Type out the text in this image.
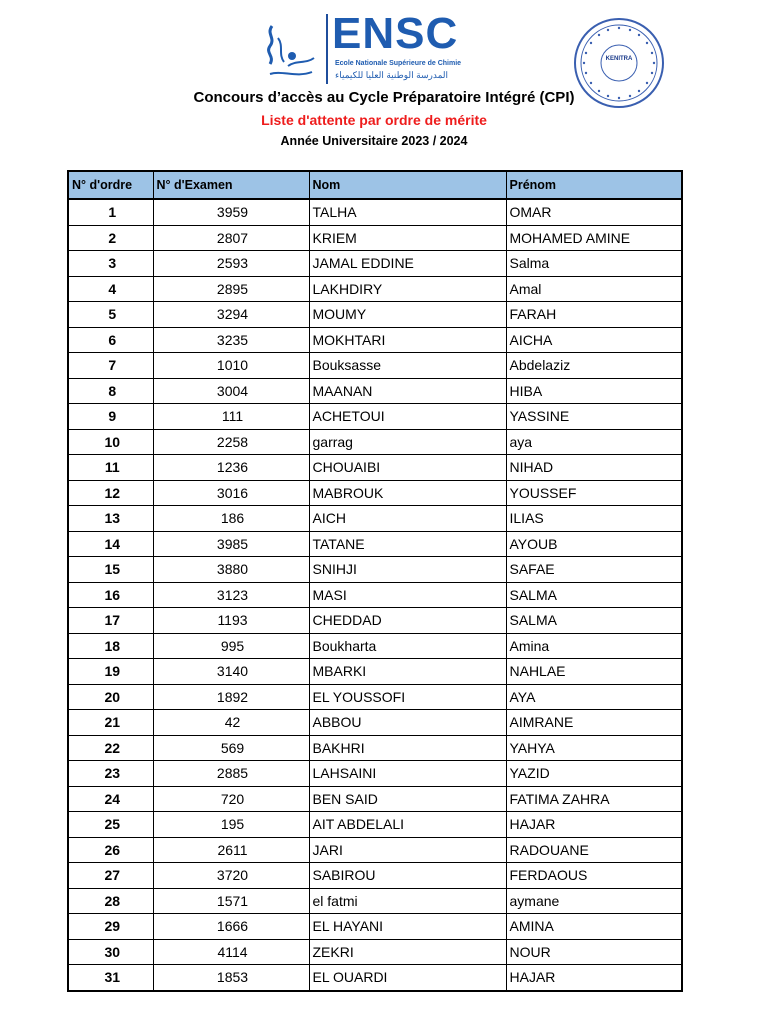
ENSC
Ecole Nationale Supérieure de Chimie
المدرسة الوطنية العليا للكيمياء
KENITRA
Concours d’accès au Cycle Préparatoire Intégré (CPI)
Liste d'attente par ordre de mérite
Année Universitaire 2023 / 2024
N° d'ordre	N° d'Examen	Nom	Prénom
1	3959	TALHA	OMAR
2	2807	KRIEM	MOHAMED AMINE
3	2593	JAMAL EDDINE	Salma
4	2895	LAKHDIRY	Amal
5	3294	MOUMY	FARAH
6	3235	MOKHTARI	AICHA
7	1010	Bouksasse	Abdelaziz
8	3004	MAANAN	HIBA
9	111	ACHETOUI	YASSINE
10	2258	garrag	aya
11	1236	CHOUAIBI	NIHAD
12	3016	MABROUK	YOUSSEF
13	186	AICH	ILIAS
14	3985	TATANE	AYOUB
15	3880	SNIHJI	SAFAE
16	3123	MASI	SALMA
17	1193	CHEDDAD	SALMA
18	995	Boukharta	Amina
19	3140	MBARKI	NAHLAE
20	1892	EL YOUSSOFI	AYA
21	42	ABBOU	AIMRANE
22	569	BAKHRI	YAHYA
23	2885	LAHSAINI	YAZID
24	720	BEN SAID	FATIMA ZAHRA
25	195	AIT ABDELALI	HAJAR
26	2611	JARI	RADOUANE
27	3720	SABIROU	FERDAOUS
28	1571	el fatmi	aymane
29	1666	EL HAYANI	AMINA
30	4114	ZEKRI	NOUR
31	1853	EL OUARDI	HAJAR
